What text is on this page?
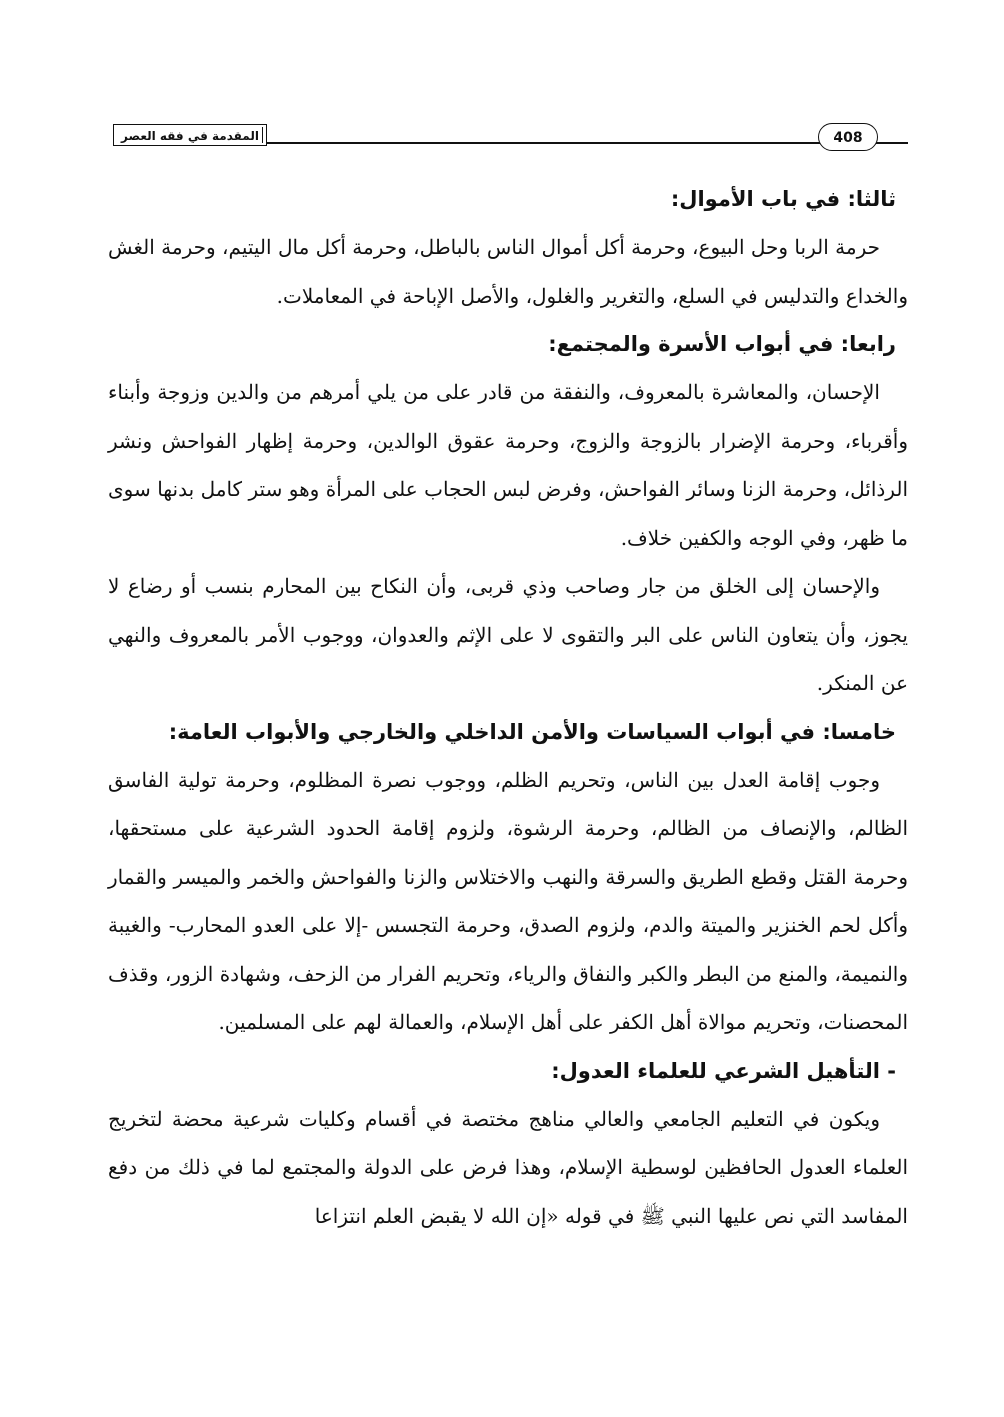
المقدمة في فقه العصر	408
ثالثا: في باب الأموال:

حرمة الربا وحل البيوع، وحرمة أكل أموال الناس بالباطل، وحرمة أكل مال اليتيم، وحرمة الغش والخداع والتدليس في السلع، والتغرير والغلول، والأصل الإباحة في المعاملات.

رابعا: في أبواب الأسرة والمجتمع:

الإحسان، والمعاشرة بالمعروف، والنفقة من قادر على من يلي أمرهم من والدين وزوجة وأبناء وأقرباء، وحرمة الإضرار بالزوجة والزوج، وحرمة عقوق الوالدين، وحرمة إظهار الفواحش ونشر الرذائل، وحرمة الزنا وسائر الفواحش، وفرض لبس الحجاب على المرأة وهو ستر كامل بدنها سوى ما ظهر، وفي الوجه والكفين خلاف.

والإحسان إلى الخلق من جار وصاحب وذي قربى، وأن النكاح بين المحارم بنسب أو رضاع لا يجوز، وأن يتعاون الناس على البر والتقوى لا على الإثم والعدوان، ووجوب الأمر بالمعروف والنهي عن المنكر.

خامسا: في أبواب السياسات والأمن الداخلي والخارجي والأبواب العامة:

وجوب إقامة العدل بين الناس، وتحريم الظلم، ووجوب نصرة المظلوم، وحرمة تولية الفاسق الظالم، والإنصاف من الظالم، وحرمة الرشوة، ولزوم إقامة الحدود الشرعية على مستحقها، وحرمة القتل وقطع الطريق والسرقة والنهب والاختلاس والزنا والفواحش والخمر والميسر والقمار وأكل لحم الخنزير والميتة والدم، ولزوم الصدق، وحرمة التجسس -إلا على العدو المحارب- والغيبة والنميمة، والمنع من البطر والكبر والنفاق والرياء، وتحريم الفرار من الزحف، وشهادة الزور، وقذف المحصنات، وتحريم موالاة أهل الكفر على أهل الإسلام، والعمالة لهم على المسلمين.

- التأهيل الشرعي للعلماء العدول:

ويكون في التعليم الجامعي والعالي مناهج مختصة في أقسام وكليات شرعية محضة لتخريج العلماء العدول الحافظين لوسطية الإسلام، وهذا فرض على الدولة والمجتمع لما في ذلك من دفع المفاسد التي نص عليها النبي ﷺ في قوله «إن الله لا يقبض العلم انتزاعا
